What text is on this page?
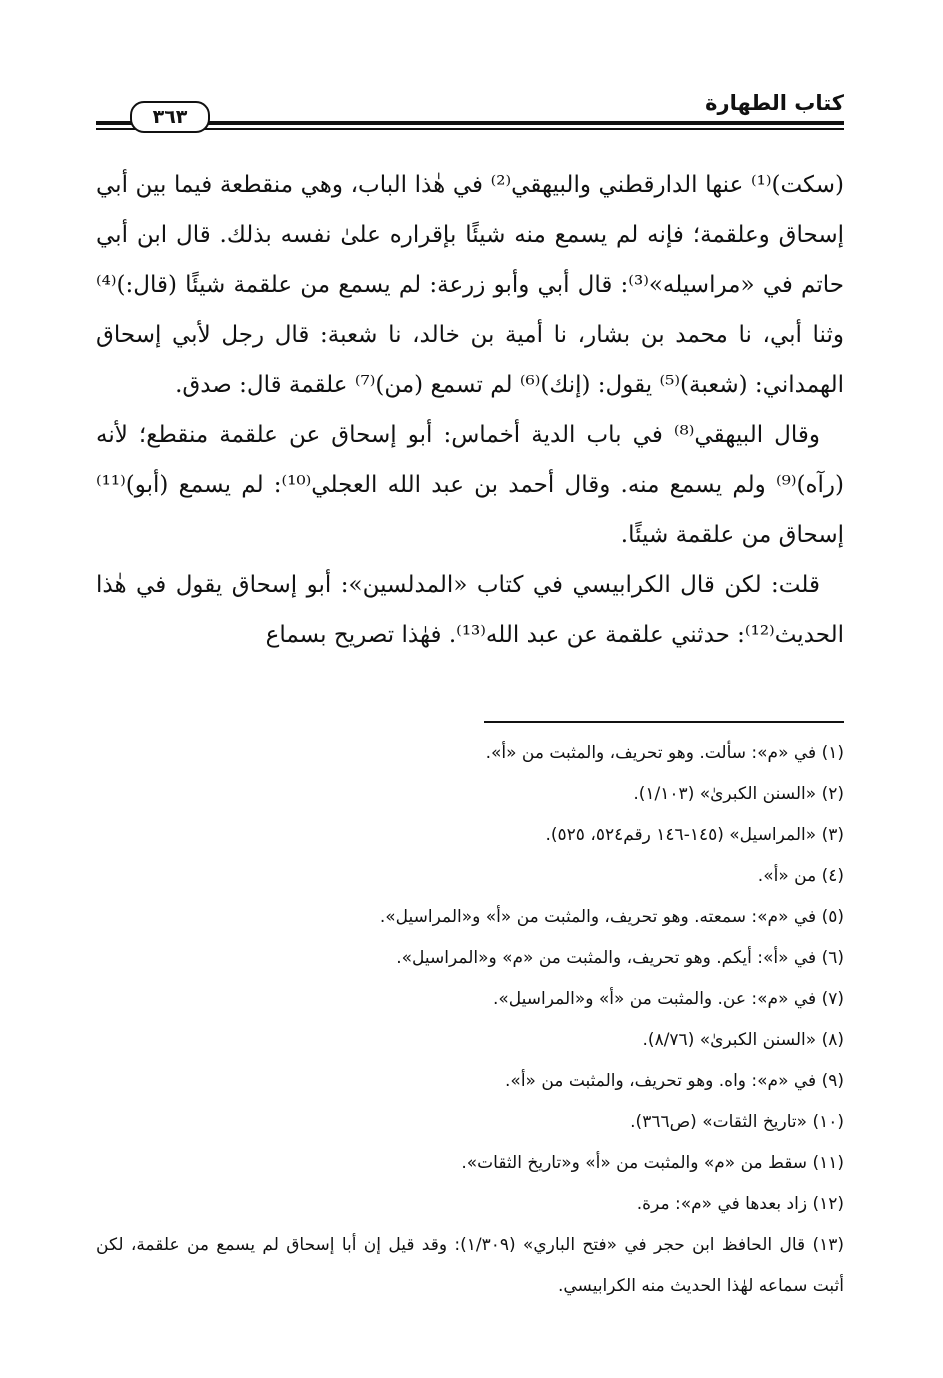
كتاب الطهارة
٣٦٣

(سكت)⁽¹⁾ عنها الدارقطني والبيهقي⁽²⁾ في هٰذا الباب، وهي منقطعة فيما بين أبي إسحاق وعلقمة؛ فإنه لم يسمع منه شيئًا بإقراره علىٰ نفسه بذلك. قال ابن أبي حاتم في «مراسيله»⁽³⁾: قال أبي وأبو زرعة: لم يسمع من علقمة شيئًا (قال:)⁽⁴⁾ وثنا أبي، نا محمد بن بشار، نا أمية بن خالد، نا شعبة: قال رجل لأبي إسحاق الهمداني: (شعبة)⁽⁵⁾ يقول: (إنك)⁽⁶⁾ لم تسمع (من)⁽⁷⁾ علقمة قال: صدق.

وقال البيهقي⁽⁸⁾ في باب الدية أخماس: أبو إسحاق عن علقمة منقطع؛ لأنه (رآه)⁽⁹⁾ ولم يسمع منه. وقال أحمد بن عبد الله العجلي⁽¹⁰⁾: لم يسمع (أبو)⁽¹¹⁾ إسحاق من علقمة شيئًا.

قلت: لكن قال الكرابيسي في كتاب «المدلسين»: أبو إسحاق يقول في هٰذا الحديث⁽¹²⁾: حدثني علقمة عن عبد الله⁽¹³⁾. فهٰذا تصريح بسماع

(١) في «م»: سألت. وهو تحريف، والمثبت من «أ».
(٢) «السنن الكبرىٰ» (١/١٠٣).
(٣) «المراسيل» (١٤٥-١٤٦ رقم٥٢٤، ٥٢٥).
(٤) من «أ».
(٥) في «م»: سمعته. وهو تحريف، والمثبت من «أ» و«المراسيل».
(٦) في «أ»: أيكم. وهو تحريف، والمثبت من «م» و«المراسيل».
(٧) في «م»: عن. والمثبت من «أ» و«المراسيل».
(٨) «السنن الكبرىٰ» (٨/٧٦).
(٩) في «م»: واه. وهو تحريف، والمثبت من «أ».
(١٠) «تاريخ الثقات» (ص٣٦٦).
(١١) سقط من «م» والمثبت من «أ» و«تاريخ الثقات».
(١٢) زاد بعدها في «م»: مرة.
(١٣) قال الحافظ ابن حجر في «فتح الباري» (١/٣٠٩): وقد قيل إن أبا إسحاق لم يسمع من علقمة، لكن أثبت سماعه لهٰذا الحديث منه الكرابيسي.
